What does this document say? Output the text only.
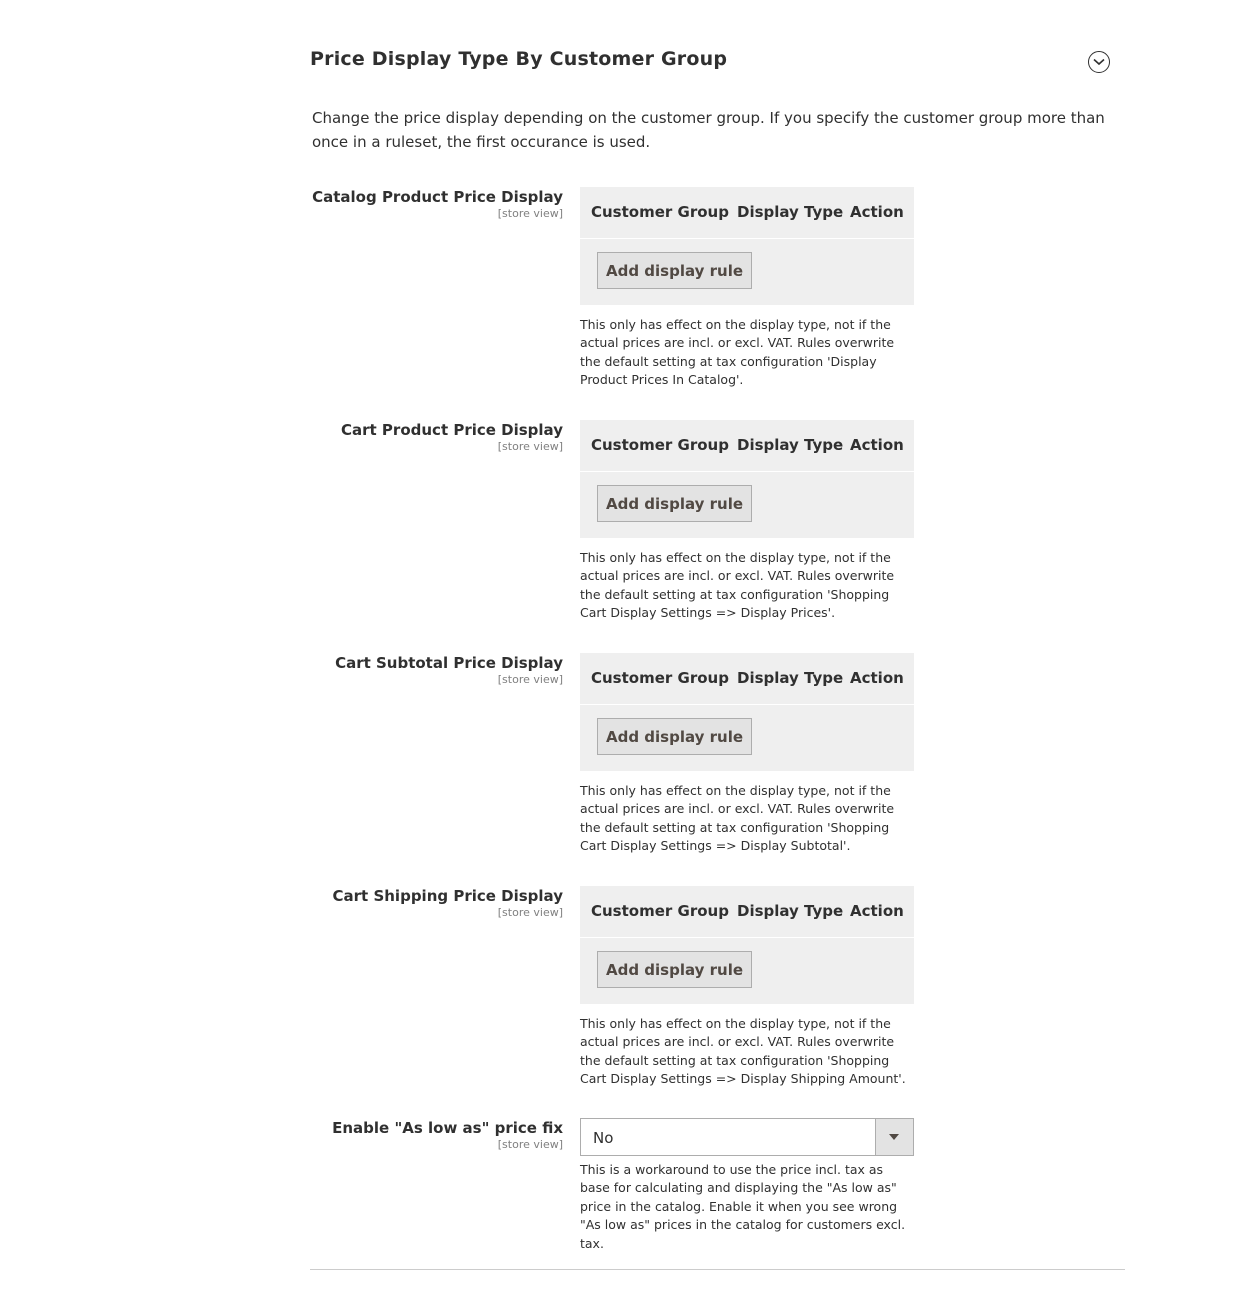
Price Display Type By Customer Group
Change the price display depending on the customer group. If you specify the customer group more than once in a ruleset, the first occurance is used.
Catalog Product Price Display
[store view] Customer Group Display Type Action
Add display rule
This only has effect on the display type, not if the actual prices are incl. or excl. VAT. Rules overwrite the default setting at tax configuration 'Display Product Prices In Catalog'.
Cart Product Price Display
[store view] Customer Group Display Type Action
Add display rule
This only has effect on the display type, not if the actual prices are incl. or excl. VAT. Rules overwrite the default setting at tax configuration 'Shopping Cart Display Settings => Display Prices'.
Cart Subtotal Price Display
[store view] Customer Group Display Type Action
Add display rule
This only has effect on the display type, not if the actual prices are incl. or excl. VAT. Rules overwrite the default setting at tax configuration 'Shopping Cart Display Settings => Display Subtotal'.
Cart Shipping Price Display
[store view] Customer Group Display Type Action
Add display rule
This only has effect on the display type, not if the actual prices are incl. or excl. VAT. Rules overwrite the default setting at tax configuration 'Shopping Cart Display Settings => Display Shipping Amount'.
Enable "As low as" price fix
[store view] No
This is a workaround to use the price incl. tax as base for calculating and displaying the "As low as" price in the catalog. Enable it when you see wrong "As low as" prices in the catalog for customers excl. tax.
